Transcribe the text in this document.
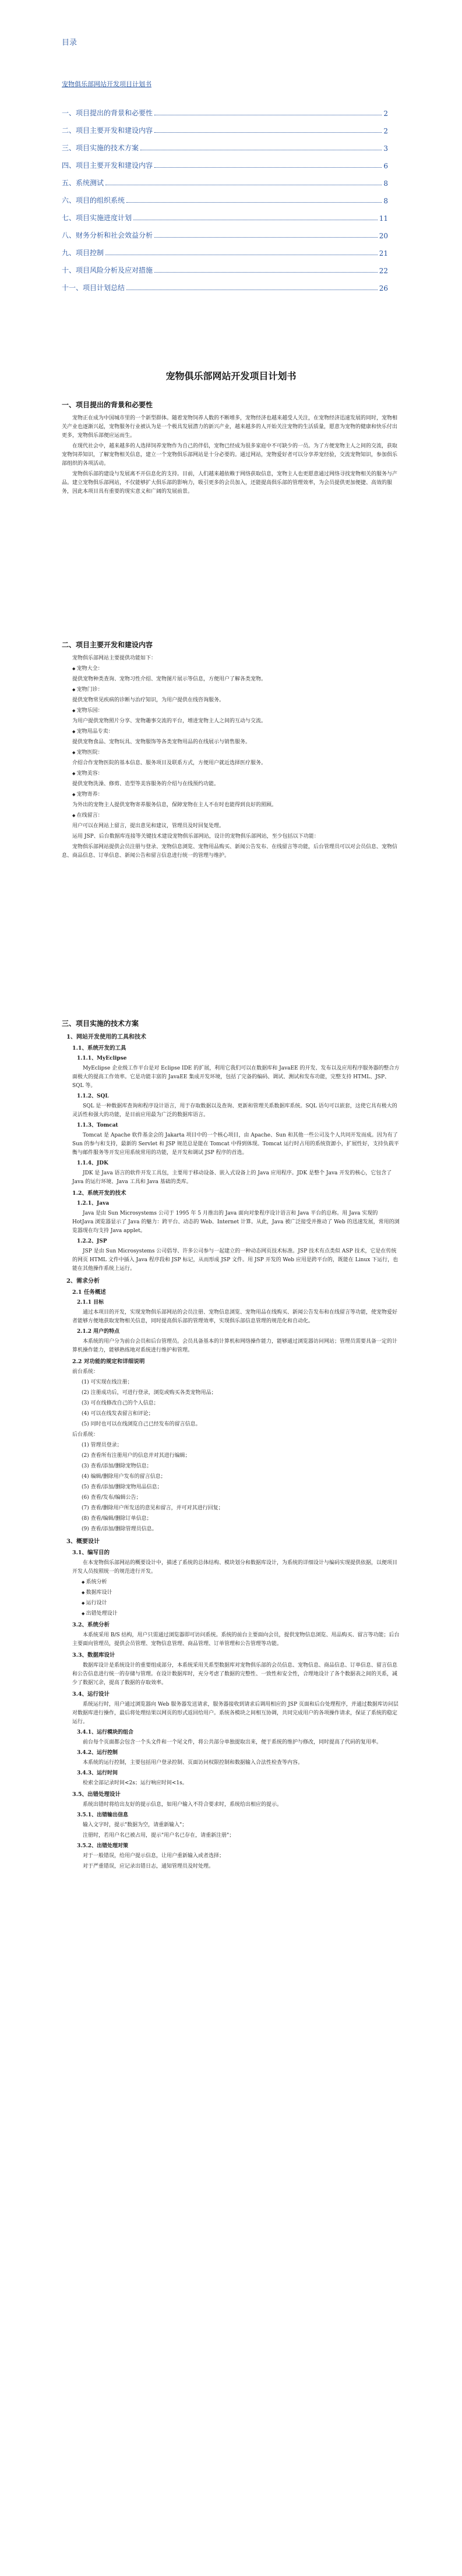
目录
宠物俱乐部网站开发项目计划书
一、项目提出的背景和必要性	2
二、项目主要开发和建设内容	2
三、项目实施的技术方案	3
四、项目主要开发和建设内容	6
五、系统测试	8
六、项目的组织系统	8
七、项目实施进度计划	11
八、财务分析和社会效益分析	20
九、项目控制	21
十、项目风险分析及应对措施	22
十一、项目计划总结	26
宠物俱乐部网站开发项目计划书
一、项目提出的背景和必要性

宠物正在成为中国城市里的一个新型群体。随着宠物饲养人数的不断增多，宠物经济也越来越受人关注，在宠物经济迅速发展的同时，宠物相关产业也逐渐兴起，宠物服务行业被认为是一个极具发展潜力的新兴产业，越来越多的人开始关注宠物的生活质量，愿意为宠物的健康和快乐付出更多，宠物俱乐部便应运而生。

在现代社会中，越来越多的人选择饲养宠物作为自己的伴侣，宠物已经成为很多家庭中不可缺少的一员。为了方便宠物主人之间的交流，获取宠物饲养知识，了解宠物相关信息，建立一个宠物俱乐部网站是十分必要的。通过网站，宠物爱好者可以分享养宠经验，交流宠物知识，参加俱乐部组织的各项活动。

宠物俱乐部的建设与发展离不开信息化的支持。目前，人们越来越依赖于网络获取信息，宠物主人也更愿意通过网络寻找宠物相关的服务与产品。建立宠物俱乐部网站，不仅能够扩大俱乐部的影响力，吸引更多的会员加入，还能提高俱乐部的管理效率，为会员提供更加便捷、高效的服务，因此本项目具有重要的现实意义和广阔的发展前景。

二、项目主要开发和建设内容

宠物俱乐部网站主要提供功能如下：

◆ 宠物大全：

提供宠物种类查询、宠物习性介绍、宠物图片展示等信息，方便用户了解各类宠物。

◆ 宠物门诊：

提供宠物常见疾病的诊断与治疗知识，为用户提供在线咨询服务。

◆ 宠物乐园：

为用户提供宠物照片分享、宠物趣事交流的平台，增进宠物主人之间的互动与交流。

◆ 宠物用品专卖：

提供宠物食品、宠物玩具、宠物服饰等各类宠物用品的在线展示与销售服务。

◆ 宠物医院：

介绍合作宠物医院的基本信息、服务项目及联系方式，方便用户就近选择医疗服务。

◆ 宠物美容：

提供宠物洗澡、修剪、造型等美容服务的介绍与在线预约功能。

◆ 宠物寄养：

为外出的宠物主人提供宠物寄养服务信息，保障宠物在主人不在时也能得到良好的照顾。

◆ 在线留言：

用户可以在网站上留言，提出意见和建议，管理员及时回复处理。

运用 JSP、后台数据库连接等关键技术建设宠物俱乐部网站，设计的宠物俱乐部网站，至少包括以下功能：

宠物俱乐部网站提供会员注册与登录、宠物信息浏览、宠物用品购买、新闻公告发布、在线留言等功能，后台管理员可以对会员信息、宠物信息、商品信息、订单信息、新闻公告和留言信息进行统一的管理与维护。

三、项目实施的技术方案
1、网站开发使用的工具和技术
1.1、系统开发的工具
1.1.1、MyEclipse

MyEclipse 企业级工作平台是对 Eclipse IDE 的扩展，利用它我们可以在数据库和 JavaEE 的开发、发布以及应用程序服务器的整合方面极大的提高工作效率。它是功能丰富的 JavaEE 集成开发环境，包括了完备的编码、调试、测试和发布功能，完整支持 HTML、JSP、SQL 等。

1.1.2、SQL

SQL 是一种数据库查询和程序设计语言，用于存取数据以及查询、更新和管理关系数据库系统。SQL 语句可以嵌套，这使它具有极大的灵活性和强大的功能，是目前应用最为广泛的数据库语言。

1.1.3、Tomcat

Tomcat 是 Apache 软件基金会的 Jakarta 项目中的一个核心项目，由 Apache、Sun 和其他一些公司及个人共同开发而成。因为有了 Sun 的参与和支持，最新的 Servlet 和 JSP 规范总是能在 Tomcat 中得到体现。Tomcat 运行时占用的系统资源小，扩展性好，支持负载平衡与邮件服务等开发应用系统常用的功能，是开发和调试 JSP 程序的首选。

1.1.4、JDK

JDK 是 Java 语言的软件开发工具包，主要用于移动设备、嵌入式设备上的 Java 应用程序。JDK 是整个 Java 开发的核心，它包含了 Java 的运行环境、Java 工具和 Java 基础的类库。

1.2、系统开发的技术
1.2.1、Java

Java 是由 Sun Microsystems 公司于 1995 年 5 月推出的 Java 面向对象程序设计语言和 Java 平台的总称。用 Java 实现的 HotJava 浏览器显示了 Java 的魅力：跨平台、动态的 Web、Internet 计算。从此，Java 被广泛接受并推动了 Web 的迅速发展，常用的浏览器现在均支持 Java applet。

1.2.2、JSP

JSP 是由 Sun Microsystems 公司倡导、许多公司参与一起建立的一种动态网页技术标准。JSP 技术有点类似 ASP 技术，它是在传统的网页 HTML 文件中插入 Java 程序段和 JSP 标记，从而形成 JSP 文件。用 JSP 开发的 Web 应用是跨平台的，既能在 Linux 下运行，也能在其他操作系统上运行。

2、需求分析
2.1 任务概述
2.1.1 目标

通过本项目的开发，实现宠物俱乐部网站的会员注册、宠物信息浏览、宠物用品在线购买、新闻公告发布和在线留言等功能，使宠物爱好者能够方便地获取宠物相关信息，同时提高俱乐部的管理效率，实现俱乐部信息管理的规范化和自动化。

2.1.2 用户的特点

本系统的用户分为前台会员和后台管理员。会员具备基本的计算机和网络操作能力，能够通过浏览器访问网站；管理员需要具备一定的计算机操作能力，能够熟练地对系统进行维护和管理。

2.2 对功能的规定和详细说明

前台系统：

(1) 可实现在线注册；

(2) 注册成功后，可进行登录，浏览或购买各类宠物用品；

(3) 可在线修改自己的个人信息；

(4) 可以在线发表留言和评论；

(5) 同时也可以在线浏览自己已经发布的留言信息。

后台系统：

(1) 管理员登录；

(2) 查看所有注册用户的信息并对其进行编辑；

(3) 查看/添加/删除宠物信息；

(4) 编辑/删除用户发布的留言信息；

(5) 查看/添加/删除宠物用品信息；

(6) 查看/发布/编辑公告；

(7) 查看/删除用户所发送的意见和留言，并可对其进行回复；

(8) 查看/编辑/删除订单信息；

(9) 查看/添加/删除管理员信息。

3、概要设计
3.1、编写目的

在本宠物俱乐部网站的概要设计中，描述了系统的总体结构、模块划分和数据库设计，为系统的详细设计与编码实现提供依据，以便项目开发人员按照统一的规范进行开发。

◆ 系统分析

◆ 数据库设计

◆ 运行设计

◆ 出错处理设计

3.2、系统分析

本系统采用 B/S 结构，用户只需通过浏览器即可访问系统。系统的前台主要面向会员，提供宠物信息浏览、用品购买、留言等功能；后台主要面向管理员，提供会员管理、宠物信息管理、商品管理、订单管理和公告管理等功能。

3.3、数据库设计

数据库设计是系统设计的重要组成部分，本系统采用关系型数据库对宠物俱乐部的会员信息、宠物信息、商品信息、订单信息、留言信息和公告信息进行统一的存储与管理。在设计数据库时，充分考虑了数据的完整性、一致性和安全性，合理地设计了各个数据表之间的关系，减少了数据冗余，提高了数据的存取效率。

3.4、运行设计

系统运行时，用户通过浏览器向 Web 服务器发送请求，服务器接收到请求后调用相应的 JSP 页面和后台处理程序，并通过数据库访问层对数据库进行操作，最后将处理结果以网页的形式返回给用户。系统各模块之间相互协调，共同完成用户的各项操作请求，保证了系统的稳定运行。

3.4.1、运行模块的组合

前台每个页面都会包含一个头文件和一个尾文件，将公共部分单独提取出来，便于系统的维护与修改，同时提高了代码的复用率。

3.4.2、运行控制

本系统的运行控制，主要包括用户登录控制、页面访问权限控制和数据输入合法性检查等内容。

3.4.3、运行时间

检索全部记录时间<2s；运行响应时间<1s。

3.5、出错处理设计

系统出错时将给出友好的提示信息，如用户输入不符合要求时，系统给出相应的提示。

3.5.1、出错输出信息

输入文字时，提示"数据为空，请重新输入"；

注册时，若用户名已被占用，提示"用户名已存在，请重新注册"；

3.5.2、出错处理对策

对于一般错误，给用户提示信息，让用户重新输入或者选择；

对于严重错误，应记录出错日志，通知管理员及时处理。
